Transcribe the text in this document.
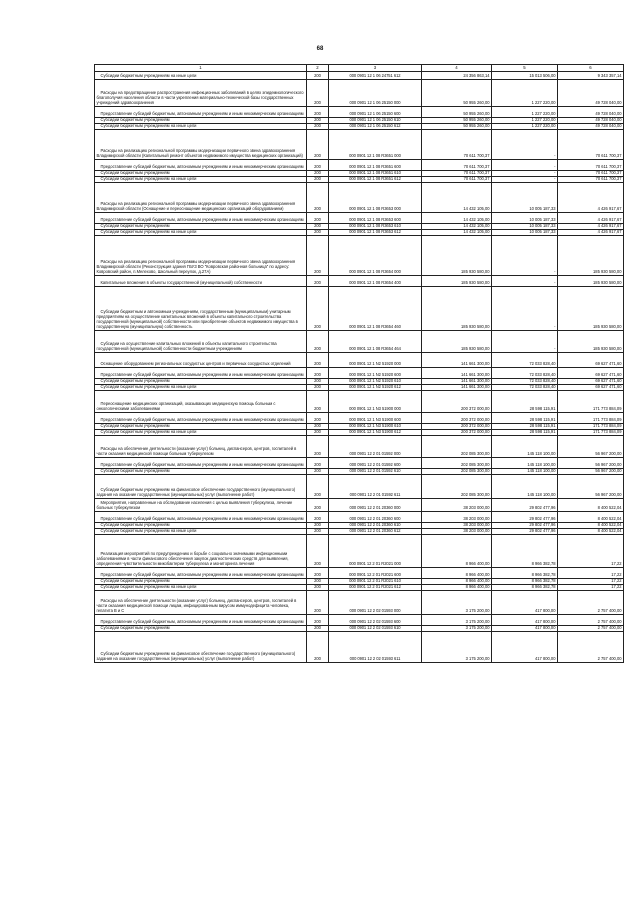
68
1	2	3	4	5	6
Субсидии бюджетным учреждениям на иные цели	200	000 0901 12 1 06 24751 612	24 356 863,14	15 013 506,00	9 343 357,14
Расходы на предотвращение распространения инфекционных заболеваний в целях эпидемиологического благополучия населения области в части укрепления материально-технической базы государственных учреждений здравоохранения	200	000 0901 12 1 06 25150 000	50 955 260,00	1 227 220,00	49 728 040,00
Предоставление субсидий бюджетным, автономным учреждениям и иным некоммерческим организациям	200	000 0901 12 1 06 25150 600	50 955 260,00	1 227 220,00	49 728 040,00
Субсидии бюджетным учреждениям	200	000 0901 12 1 06 25150 610	50 955 260,00	1 227 220,00	49 728 040,00
Субсидии бюджетным учреждениям на иные цели	200	000 0901 12 1 06 25150 612	50 955 260,00	1 227 220,00	49 728 040,00
Расходы на реализацию региональной программы модернизации первичного звена здравоохранения Владимирской области (Капитальный ремонт объектов недвижимого имущества медицинских организаций)	200	000 0901 12 1 08 R3651 000	70 611 700,37	-	70 611 700,37
Предоставление субсидий бюджетным, автономным учреждениям и иным некоммерческим организациям	200	000 0901 12 1 08 R3651 600	70 611 700,37	-	70 611 700,37
Субсидии бюджетным учреждениям	200	000 0901 12 1 08 R3651 610	70 611 700,37	-	70 611 700,37
Субсидии бюджетным учреждениям на иные цели	200	000 0901 12 1 08 R3651 612	70 611 700,37	-	70 611 700,37
Расходы на реализацию региональной программы модернизации первичного звена здравоохранения Владимирской области (Оснащение и переоснащение медицинских организаций оборудованием)	200	000 0901 12 1 08 R3653 000	14 432 105,00	10 005 187,33	4 426 917,67
Предоставление субсидий бюджетным, автономным учреждениям и иным некоммерческим организациям	200	000 0901 12 1 08 R3653 600	14 432 105,00	10 005 187,33	4 426 917,67
Субсидии бюджетным учреждениям	200	000 0901 12 1 08 R3653 610	14 432 105,00	10 005 187,33	4 426 917,67
Субсидии бюджетным учреждениям на иные цели	200	000 0901 12 1 08 R3653 612	14 432 105,00	10 005 187,33	4 426 917,67
Расходы на реализацию региональной программы модернизации первичного звена здравоохранения Владимирской области (Реконструкция здания ГБУЗ ВО "Ковровская районная больница" по адресу: Ковровский район, п.Мелехово, Школьный переулок, д.27А)	200	000 0901 12 1 08 R3654 000	185 930 580,00	-	185 930 580,00
Капитальные вложения в объекты государственной (муниципальной) собственности	200	000 0901 12 1 08 R3654 400	185 930 580,00	-	185 930 580,00
Субсидии бюджетным и автономным учреждениям, государственным (муниципальным) унитарным предприятиям на осуществление капитальных вложений в объекты капитального строительства государственной (муниципальной) собственности или приобретение объектов недвижимого имущества в государственную (муниципальную) собственность	200	000 0901 12 1 08 R3654 460	185 930 580,00	-	185 930 580,00
Субсидии на осуществление капитальных вложений в объекты капитального строительства государственной (муниципальной) собственности бюджетным учреждениям	200	000 0901 12 1 08 R3654 464	185 930 580,00	-	185 930 580,00
Оснащение оборудованием региональных сосудистых центров и первичных сосудистых отделений	200	000 0901 12 1 N2 51920 000	141 661 300,00	72 033 828,40	69 627 471,60
Предоставление субсидий бюджетным, автономным учреждениям и иным некоммерческим организациям	200	000 0901 12 1 N2 51920 600	141 661 300,00	72 033 828,40	69 627 471,60
Субсидии бюджетным учреждениям	200	000 0901 12 1 N2 51920 610	141 661 300,00	72 033 828,40	69 627 471,60
Субсидии бюджетным учреждениям на иные цели	200	000 0901 12 1 N2 51920 612	141 661 300,00	72 033 828,40	69 627 471,60
Переоснащение медицинских организаций, оказывающих медицинскую помощь больным с онкологическими заболеваниями	200	000 0901 12 1 N3 51900 000	200 372 000,00	28 598 115,91	171 773 884,09
Предоставление субсидий бюджетным, автономным учреждениям и иным некоммерческим организациям	200	000 0901 12 1 N3 51900 600	200 372 000,00	28 598 115,91	171 773 884,09
Субсидии бюджетным учреждениям	200	000 0901 12 1 N3 51900 610	200 372 000,00	28 598 115,91	171 773 884,09
Субсидии бюджетным учреждениям на иные цели	200	000 0901 12 1 N3 51900 612	200 372 000,00	28 598 115,91	171 773 884,09
Расходы на обеспечение деятельности (оказание услуг) больниц, диспансеров, центров, госпиталей в части оказания медицинской помощи больным туберкулезом	200	000 0901 12 2 01 01592 000	202 085 300,00	145 118 100,00	56 967 200,00
Предоставление субсидий бюджетным, автономным учреждениям и иным некоммерческим организациям	200	000 0901 12 2 01 01592 600	202 085 300,00	145 118 100,00	56 967 200,00
Субсидии бюджетным учреждениям	200	000 0901 12 2 01 01592 610	202 085 300,00	145 118 100,00	56 967 200,00
Субсидии бюджетным учреждениям на финансовое обеспечение государственного (муниципального) задания на оказание государственных (муниципальных) услуг (выполнение работ)	200	000 0901 12 2 01 01592 611	202 085 300,00	145 118 100,00	56 967 200,00
Мероприятия, направленные на обследование населения с целью выявления туберкулеза, лечение больных туберкулезом	200	000 0901 12 2 01 20360 000	38 203 000,00	29 802 477,96	8 400 522,04
Предоставление субсидий бюджетным, автономным учреждениям и иным некоммерческим организациям	200	000 0901 12 2 01 20360 600	38 203 000,00	29 802 477,96	8 400 522,04
Субсидии бюджетным учреждениям	200	000 0901 12 2 01 20360 610	38 203 000,00	29 802 477,96	8 400 522,04
Субсидии бюджетным учреждениям на иные цели	200	000 0901 12 2 01 20360 612	38 203 000,00	29 802 477,96	8 400 522,04
Реализация мероприятий по предупреждению и борьбе с социально значимыми инфекционными заболеваниями в части финансового обеспечения закупок диагностических средств для выявления, определения чувствительности микобактерии туберкулеза и мониторинга лечения	200	000 0901 12 2 01 R2021 000	8 966 400,00	8 966 382,78	17,22
Предоставление субсидий бюджетным, автономным учреждениям и иным некоммерческим организациям	200	000 0901 12 2 01 R2021 600	8 966 400,00	8 966 382,78	17,22
Субсидии бюджетным учреждениям	200	000 0901 12 2 01 R2021 610	8 966 400,00	8 966 382,78	17,22
Субсидии бюджетным учреждениям на иные цели	200	000 0901 12 2 01 R2021 612	8 966 400,00	8 966 382,78	17,22
Расходы на обеспечение деятельности (оказание услуг) больниц, диспансеров, центров, госпиталей в части оказания медицинской помощи лицам, инфицированным вирусом иммунодефицита человека, гепатита В и С	200	000 0901 12 2 02 01593 000	3 175 200,00	417 800,00	2 757 400,00
Предоставление субсидий бюджетным, автономным учреждениям и иным некоммерческим организациям	200	000 0901 12 2 02 01593 600	3 175 200,00	417 800,00	2 757 400,00
Субсидии бюджетным учреждениям	200	000 0901 12 2 02 01593 610	3 175 200,00	417 800,00	2 757 400,00
Субсидии бюджетным учреждениям на финансовое обеспечение государственного (муниципального) задания на оказание государственных (муниципальных) услуг (выполнение работ)	200	000 0901 12 2 02 01593 611	3 175 200,00	417 800,00	2 757 400,00
